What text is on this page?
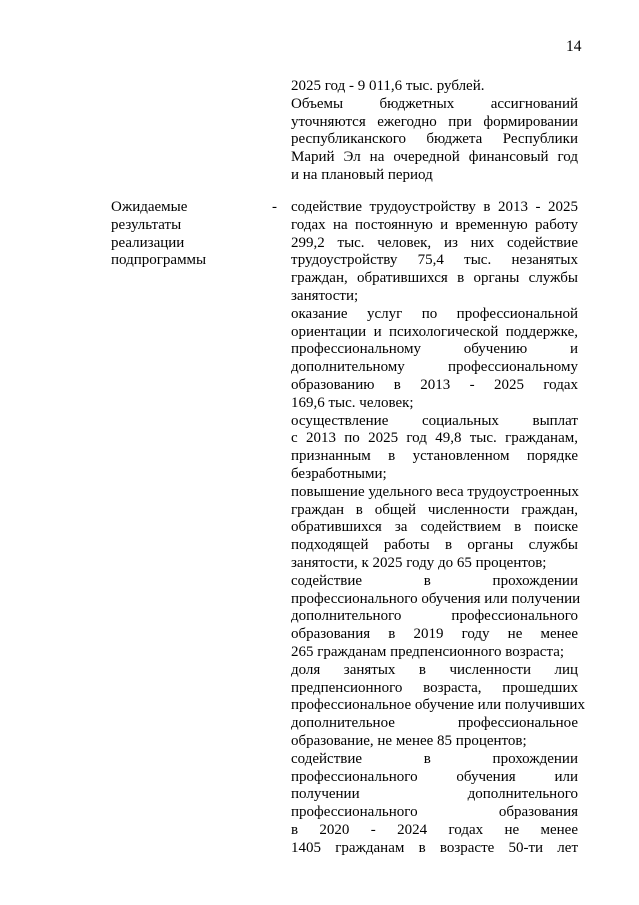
14
2025 год - 9 011,6 тыс. рублей.
Объемы бюджетных ассигнований
уточняются ежегодно при формировании
республиканского бюджета Республики
Марий Эл на очередной финансовый год
и на плановый период
Ожидаемые
результаты
реализации
подпрограммы
- содействие трудоустройству в 2013 - 2025
годах на постоянную и временную работу
299,2 тыс. человек, из них содействие
трудоустройству 75,4 тыс. незанятых
граждан, обратившихся в органы службы
занятости;
оказание услуг по профессиональной
ориентации и психологической поддержке,
профессиональному обучению и
дополнительному профессиональному
образованию в 2013 - 2025 годах
169,6 тыс. человек;
осуществление социальных выплат
с 2013 по 2025 год 49,8 тыс. гражданам,
признанным в установленном порядке
безработными;
повышение удельного веса трудоустроенных
граждан в общей численности граждан,
обратившихся за содействием в поиске
подходящей работы в органы службы
занятости, к 2025 году до 65 процентов;
содействие в прохождении
профессионального обучения или получении
дополнительного профессионального
образования в 2019 году не менее
265 гражданам предпенсионного возраста;
доля занятых в численности лиц
предпенсионного возраста, прошедших
профессиональное обучение или получивших
дополнительное профессиональное
образование, не менее 85 процентов;
содействие в прохождении
профессионального обучения или
получении дополнительного
профессионального образования
в 2020 - 2024 годах не менее
1405 гражданам в возрасте 50-ти лет
